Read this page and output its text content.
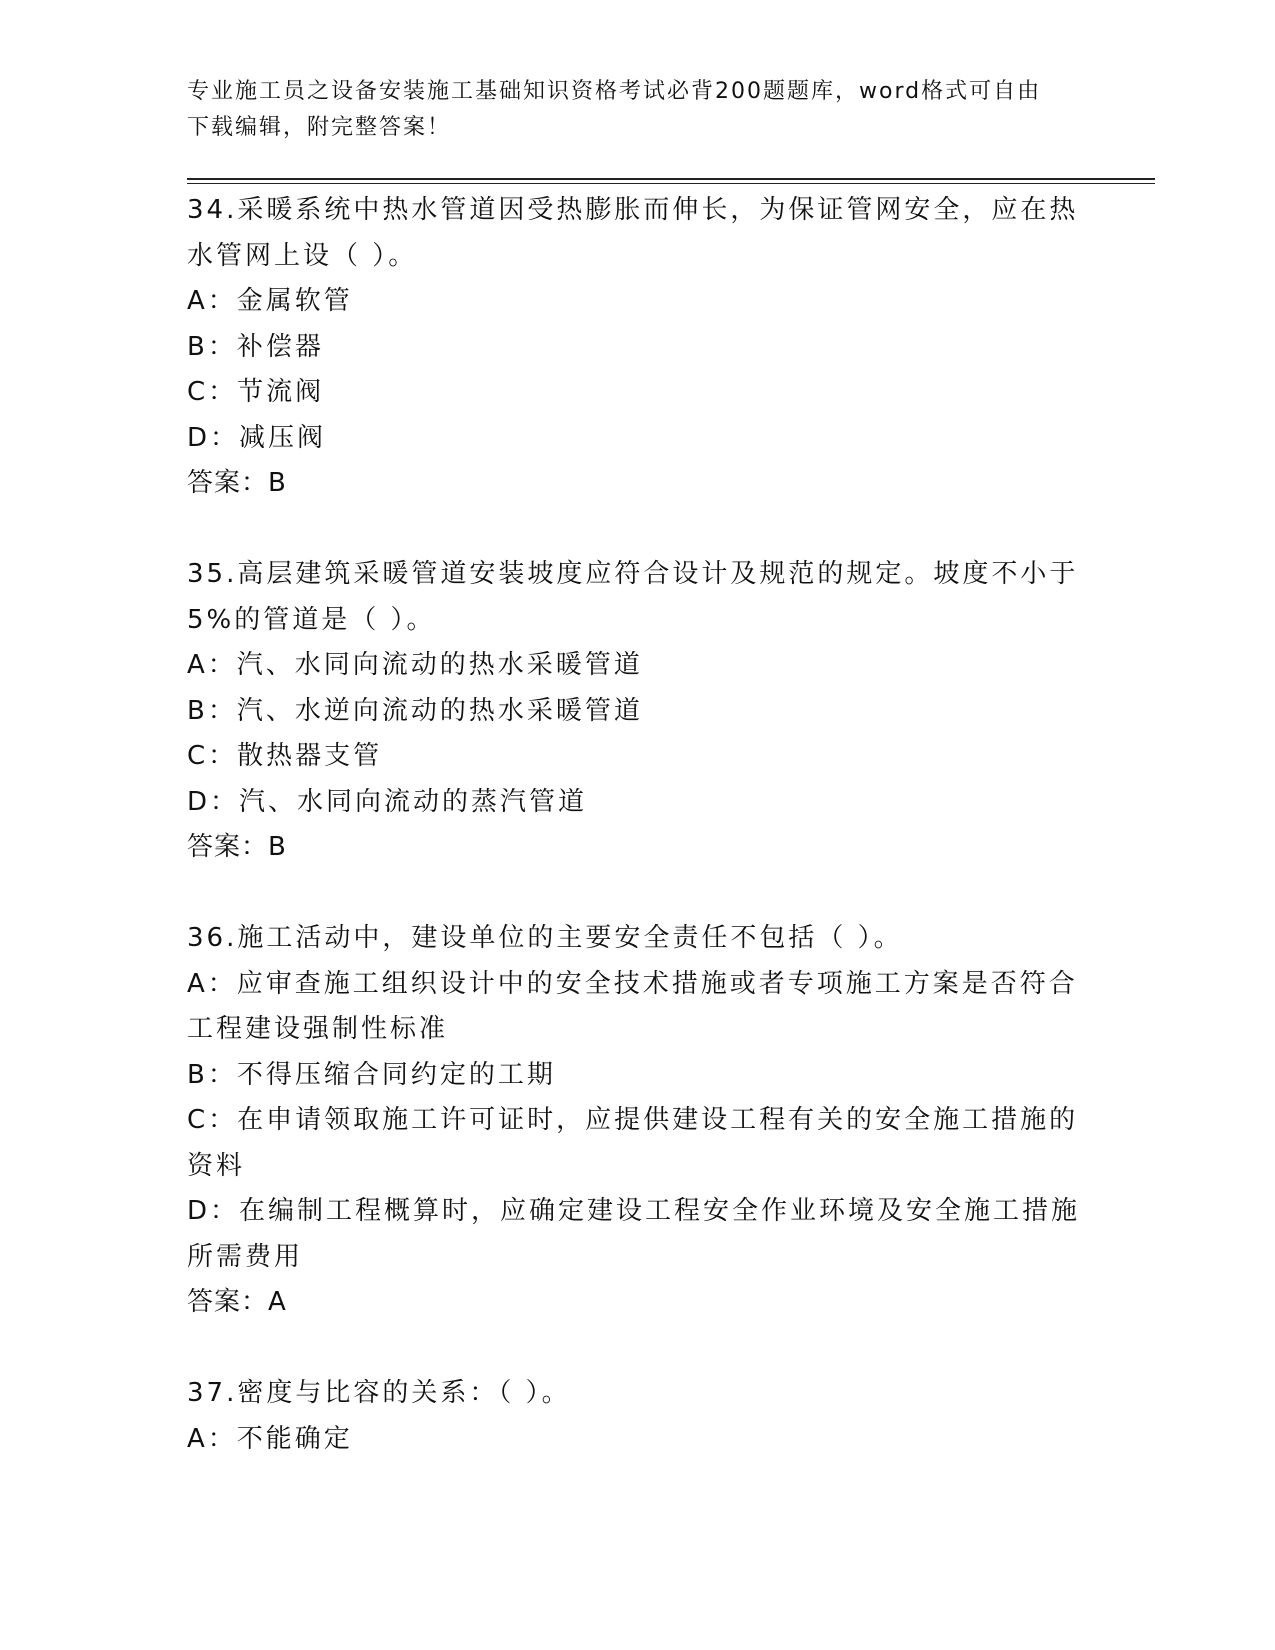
专业施工员之设备安装施工基础知识资格考试必背200题题库，word格式可自由
下载编辑，附完整答案！
34.采暖系统中热水管道因受热膨胀而伸长，为保证管网安全，应在热
水管网上设（ ）。
A：金属软管
B：补偿器
C：节流阀
D：减压阀
答案：B
35.高层建筑采暖管道安装坡度应符合设计及规范的规定。坡度不小于
5%的管道是（ ）。
A：汽、水同向流动的热水采暖管道
B：汽、水逆向流动的热水采暖管道
C：散热器支管
D：汽、水同向流动的蒸汽管道
答案：B
36.施工活动中，建设单位的主要安全责任不包括（ ）。
A：应审查施工组织设计中的安全技术措施或者专项施工方案是否符合
工程建设强制性标准
B：不得压缩合同约定的工期
C：在申请领取施工许可证时，应提供建设工程有关的安全施工措施的
资料
D：在编制工程概算时，应确定建设工程安全作业环境及安全施工措施
所需费用
答案：A
37.密度与比容的关系：（ ）。
A：不能确定
